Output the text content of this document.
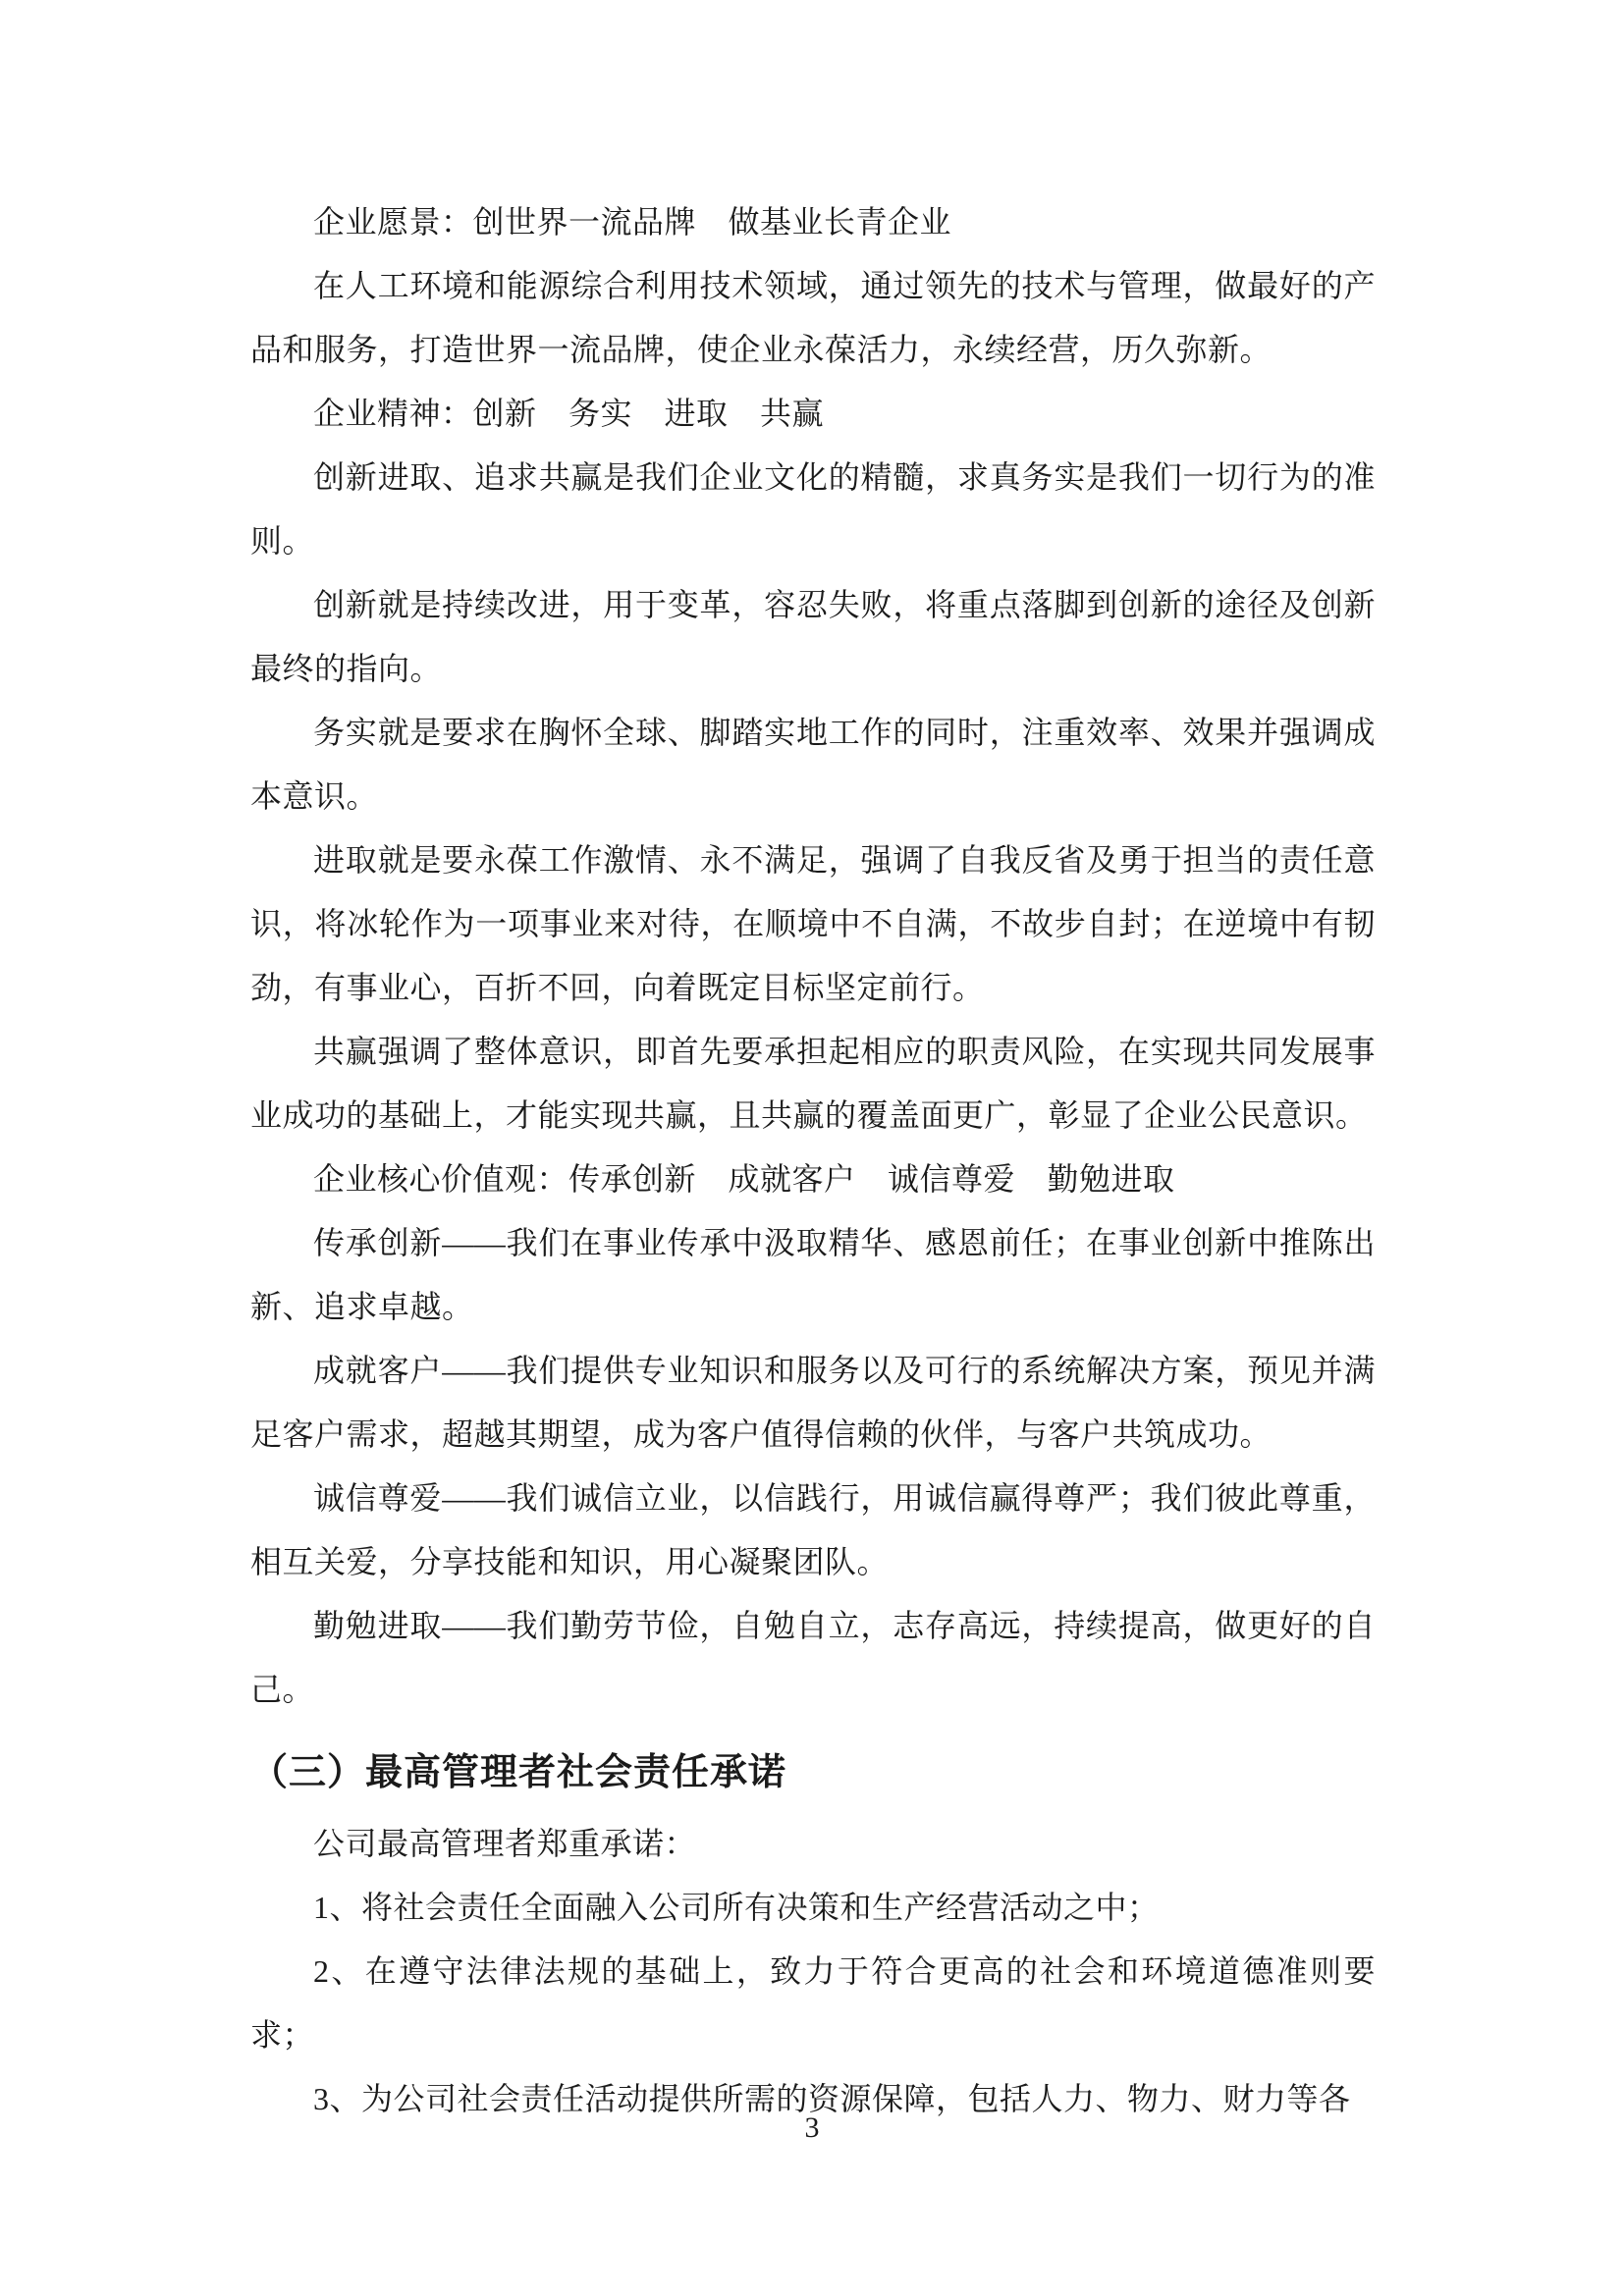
企业愿景：创世界一流品牌　做基业长青企业

在人工环境和能源综合利用技术领域，通过领先的技术与管理，做最好的产品和服务，打造世界一流品牌，使企业永葆活力，永续经营，历久弥新。

企业精神：创新　务实　进取　共赢

创新进取、追求共赢是我们企业文化的精髓，求真务实是我们一切行为的准则。

创新就是持续改进，用于变革，容忍失败，将重点落脚到创新的途径及创新最终的指向。

务实就是要求在胸怀全球、脚踏实地工作的同时，注重效率、效果并强调成本意识。

进取就是要永葆工作激情、永不满足，强调了自我反省及勇于担当的责任意识，将冰轮作为一项事业来对待，在顺境中不自满，不故步自封；在逆境中有韧劲，有事业心，百折不回，向着既定目标坚定前行。

共赢强调了整体意识，即首先要承担起相应的职责风险，在实现共同发展事业成功的基础上，才能实现共赢，且共赢的覆盖面更广，彰显了企业公民意识。

企业核心价值观：传承创新　成就客户　诚信尊爱　勤勉进取

传承创新——我们在事业传承中汲取精华、感恩前任；在事业创新中推陈出新、追求卓越。

成就客户——我们提供专业知识和服务以及可行的系统解决方案，预见并满足客户需求，超越其期望，成为客户值得信赖的伙伴，与客户共筑成功。

诚信尊爱——我们诚信立业，以信践行，用诚信赢得尊严；我们彼此尊重，相互关爱，分享技能和知识，用心凝聚团队。

勤勉进取——我们勤劳节俭，自勉自立，志存高远，持续提高，做更好的自己。

（三）最高管理者社会责任承诺

公司最高管理者郑重承诺：

1、将社会责任全面融入公司所有决策和生产经营活动之中；

2、在遵守法律法规的基础上，致力于符合更高的社会和环境道德准则要求；

3、为公司社会责任活动提供所需的资源保障，包括人力、物力、财力等各

3
